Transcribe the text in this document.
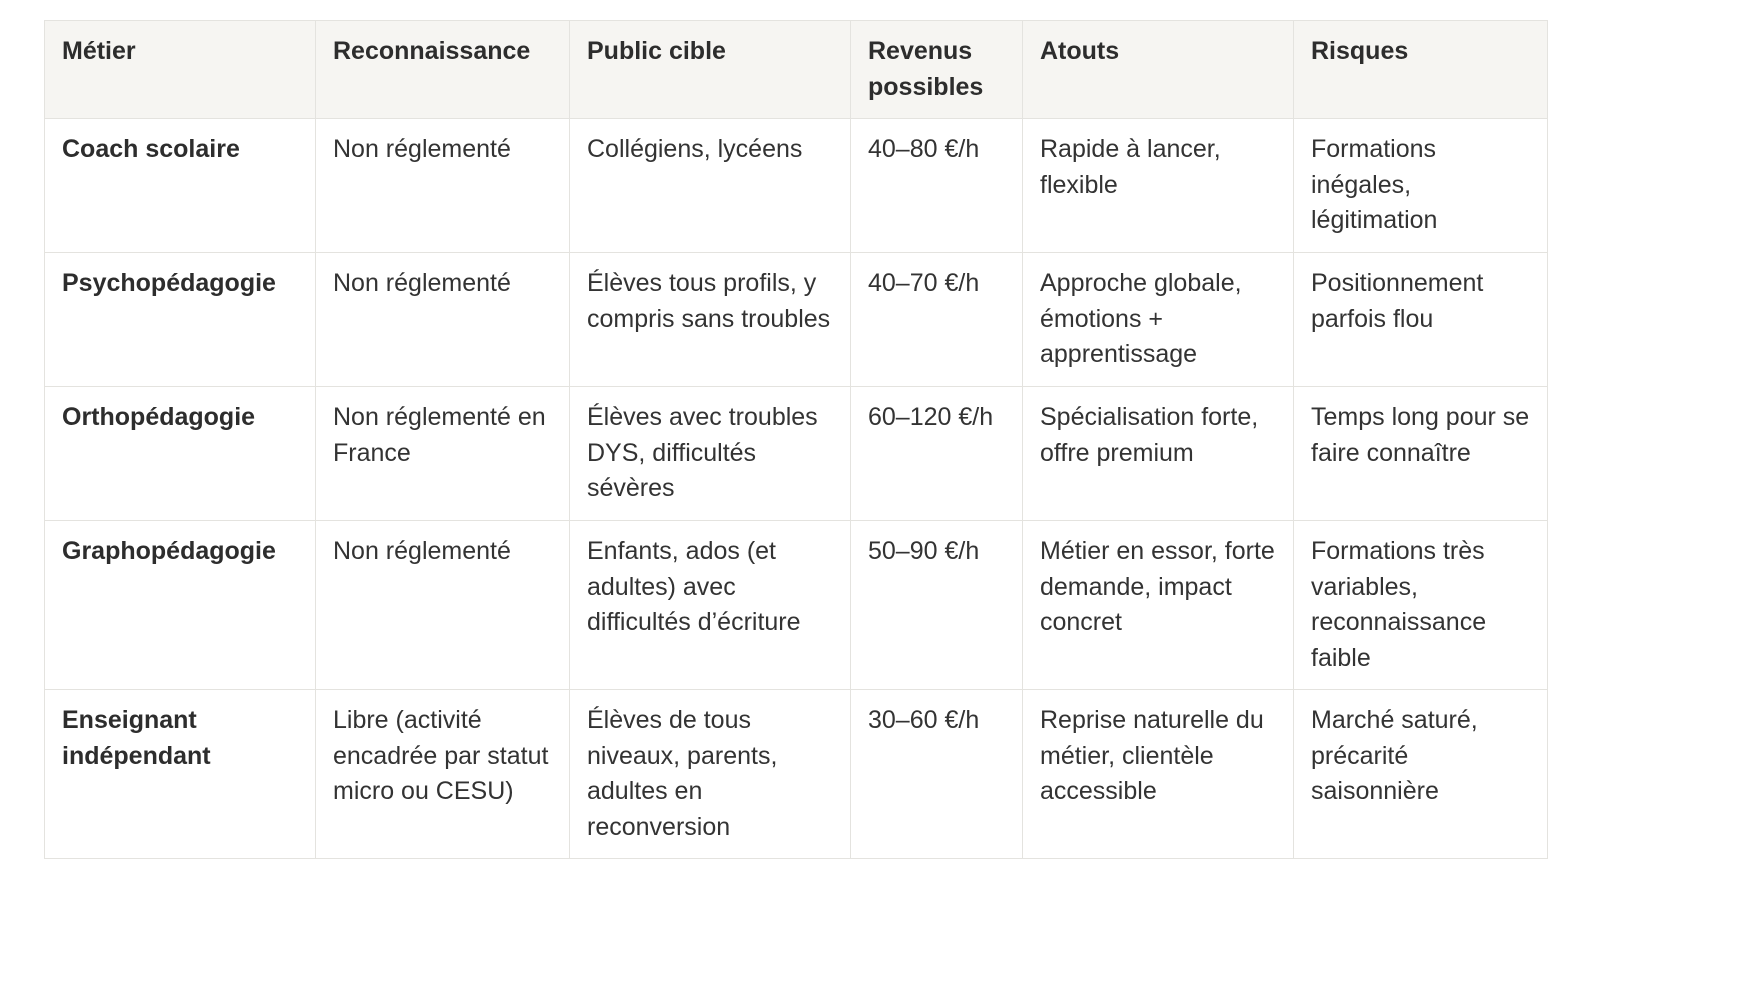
Métier	Reconnaissance	Public cible	Revenus possibles	Atouts	Risques
Coach scolaire	Non réglementé	Collégiens, lycéens	40–80 €/h	Rapide à lancer, flexible	Formations inégales, légitimation
Psychopédagogie	Non réglementé	Élèves tous profils, y compris sans troubles	40–70 €/h	Approche globale, émotions + apprentissage	Positionnement parfois flou
Orthopédagogie	Non réglementé en France	Élèves avec troubles DYS, difficultés sévères	60–120 €/h	Spécialisation forte, offre premium	Temps long pour se faire connaître
Graphopédagogie	Non réglementé	Enfants, ados (et adultes) avec difficultés d’écriture	50–90 €/h	Métier en essor, forte demande, impact concret	Formations très variables, reconnaissance faible
Enseignant indépendant	Libre (activité encadrée par statut micro ou CESU)	Élèves de tous niveaux, parents, adultes en reconversion	30–60 €/h	Reprise naturelle du métier, clientèle accessible	Marché saturé, précarité saisonnière
